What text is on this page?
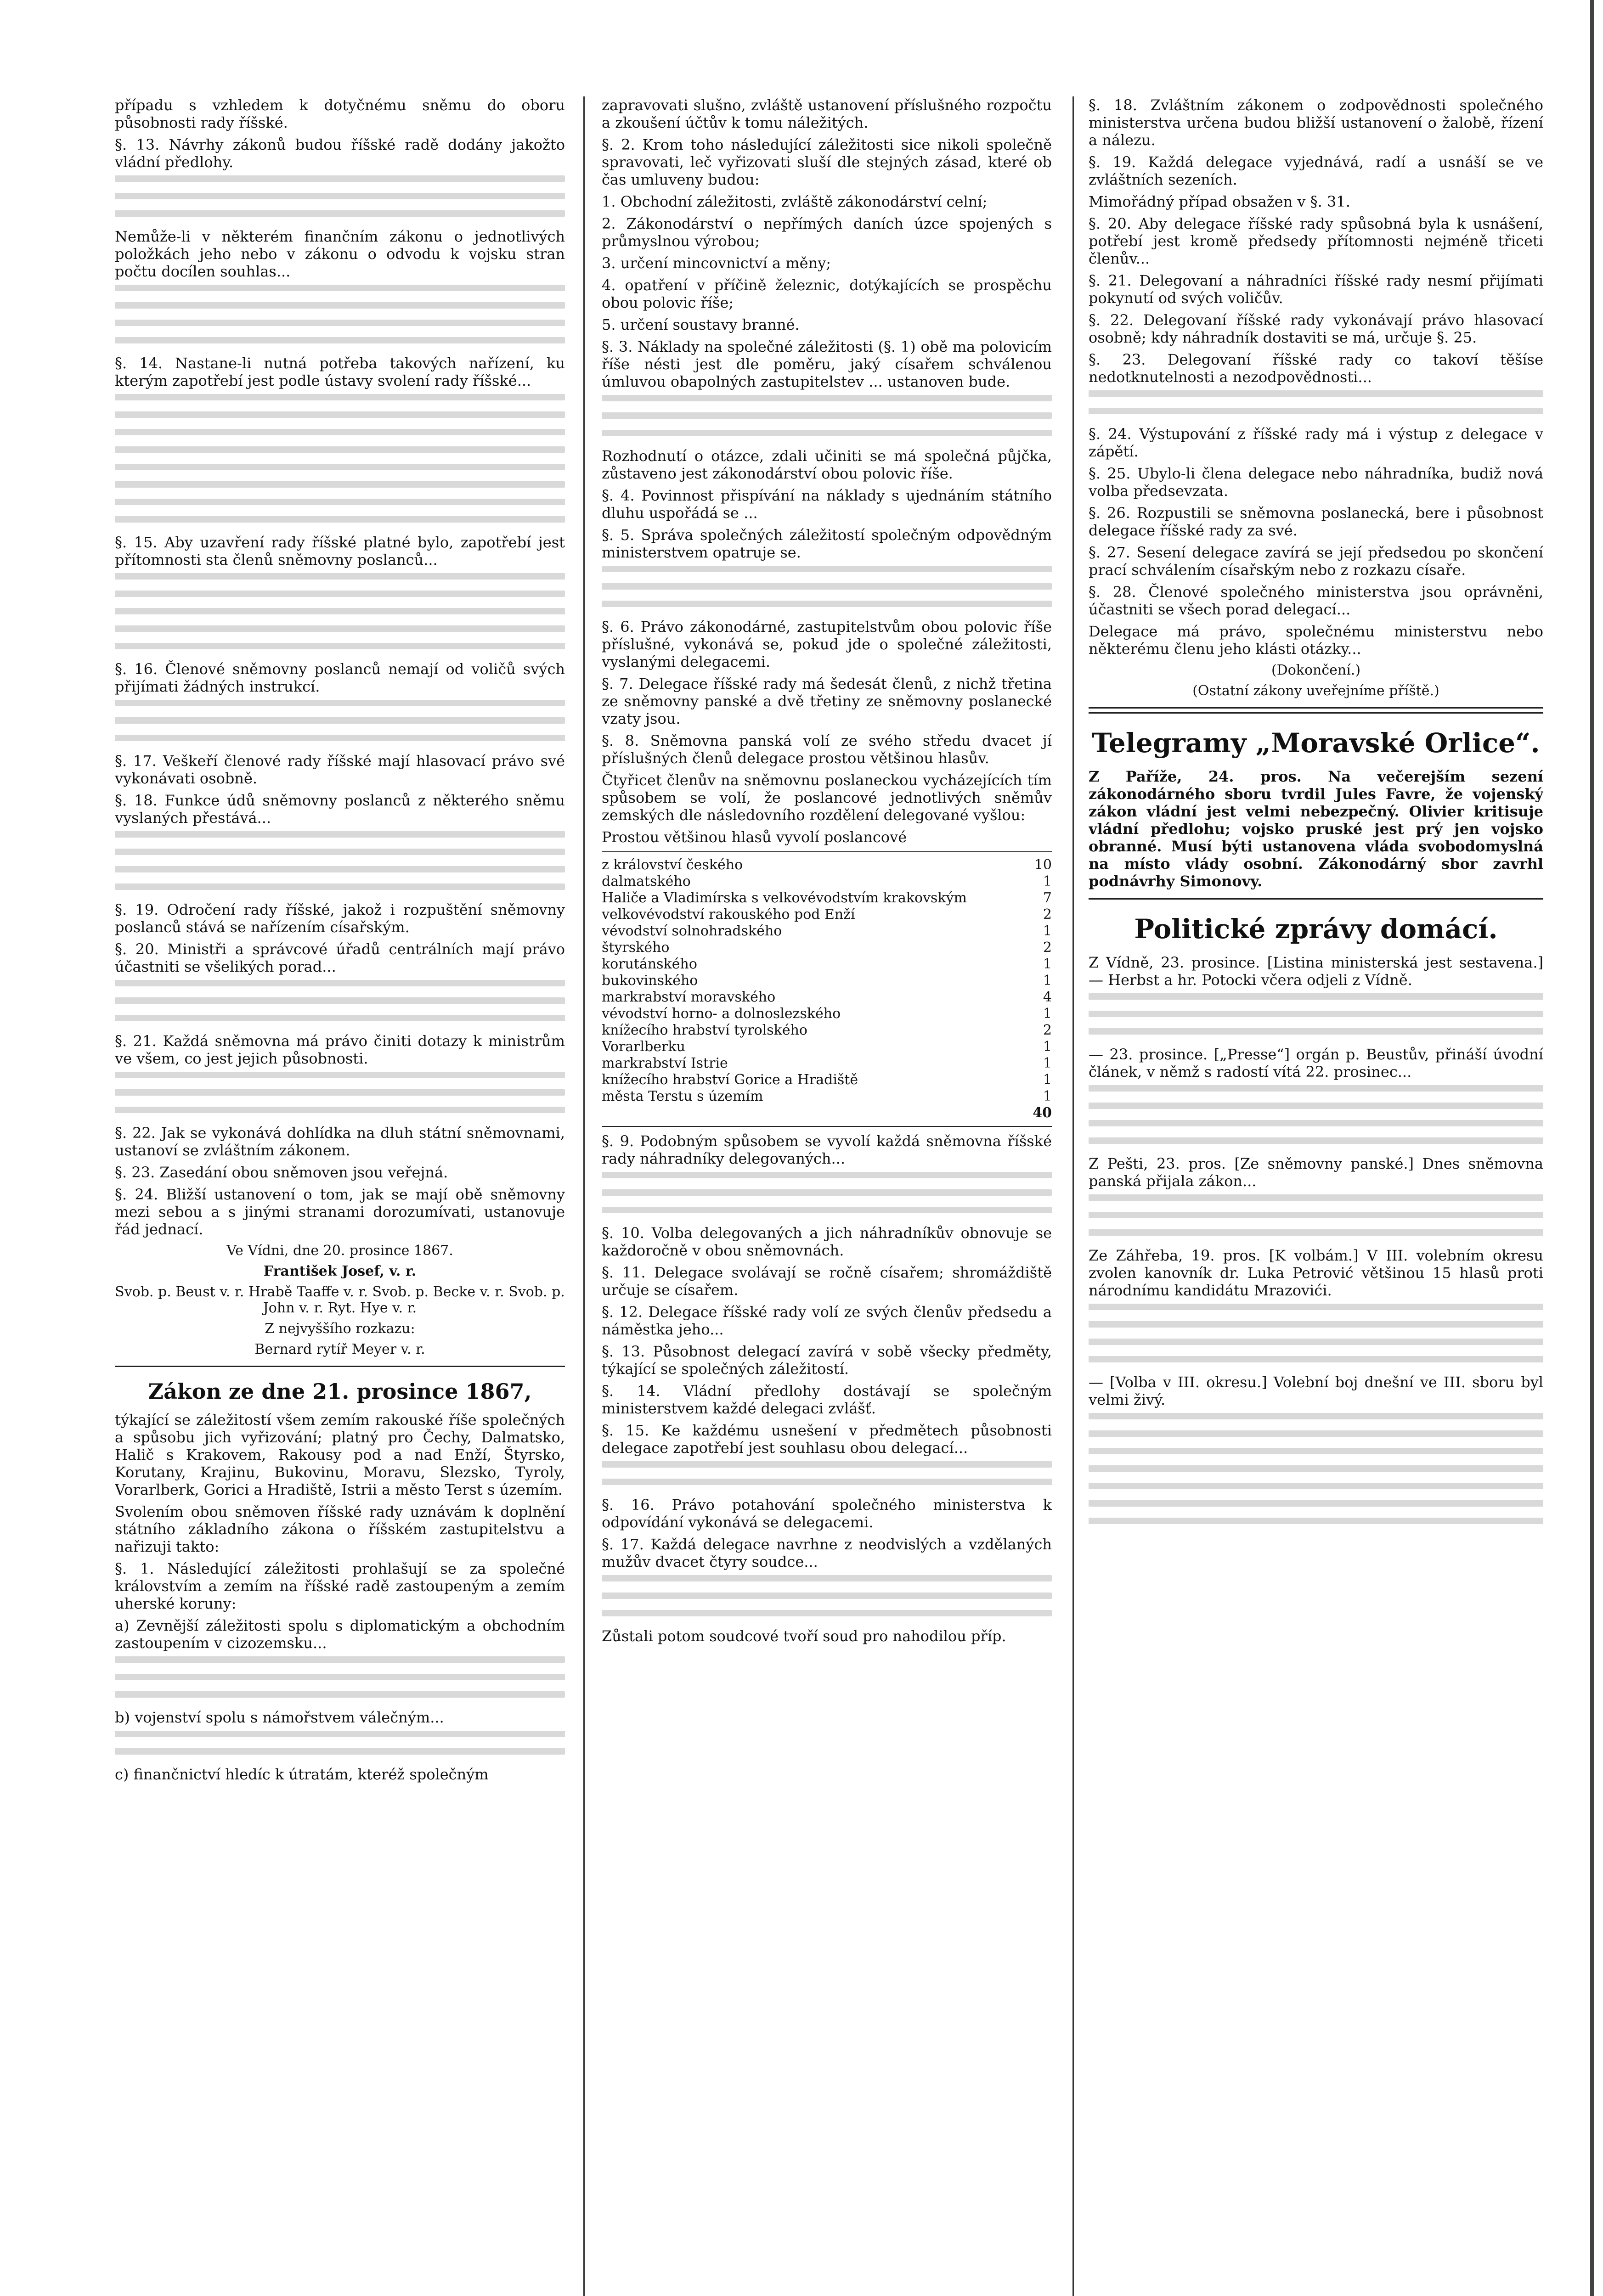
případu s vzhledem k dotyčnému sněmu do oboru působnosti rady říšské.

§. 13. Návrhy zákonů budou říšské radě dodány jakožto vládní předlohy.

Nemůže-li v některém finančním zákonu o jednotlivých položkách jeho nebo v zákonu o odvodu k vojsku stran počtu docílen souhlas...

§. 14. Nastane-li nutná potřeba takových nařízení, ku kterým zapotřebí jest podle ústavy svolení rady říšské...

§. 15. Aby uzavření rady říšské platné bylo, zapotřebí jest přítomnosti sta členů sněmovny poslanců...

§. 16. Členové sněmovny poslanců nemají od voličů svých přijímati žádných instrukcí.

§. 17. Veškeří členové rady říšské mají hlasovací právo své vykonávati osobně.

§. 18. Funkce údů sněmovny poslanců z některého sněmu vyslaných přestává...

§. 19. Odročení rady říšské, jakož i rozpuštění sněmovny poslanců stává se nařízením císařským.

§. 20. Ministři a správcové úřadů centrálních mají právo účastniti se všelikých porad...

§. 21. Každá sněmovna má právo činiti dotazy k ministrům ve všem, co jest jejich působnosti.

§. 22. Jak se vykonává dohlídka na dluh státní sněmovnami, ustanoví se zvláštním zákonem.

§. 23. Zasedání obou sněmoven jsou veřejná.

§. 24. Bližší ustanovení o tom, jak se mají obě sněmovny mezi sebou a s jinými stranami dorozumívati, ustanovuje řád jednací.

Ve Vídni, dne 20. prosince 1867.

František Josef, v. r.

Svob. p. Beust v. r. Hrabě Taaffe v. r. Svob. p. Becke v. r. Svob. p. John v. r. Ryt. Hye v. r.

Z nejvyššího rozkazu:

Bernard rytíř Meyer v. r.

Zákon ze dne 21. prosince 1867,

týkající se záležitostí všem zemím rakouské říše společných a spůsobu jich vyřizování; platný pro Čechy, Dalmatsko, Halič s Krakovem, Rakousy pod a nad Enží, Štyrsko, Korutany, Krajinu, Bukovinu, Moravu, Slezsko, Tyroly, Vorarlberk, Gorici a Hradiště, Istrii a město Terst s územím.

Svolením obou sněmoven říšské rady uznávám k doplnění státního základního zákona o říšském zastupitelstvu a nařizuji takto:

§. 1. Následující záležitosti prohlašují se za společné královstvím a zemím na říšské radě zastoupeným a zemím uherské koruny:

a) Zevnější záležitosti spolu s diplomatickým a obchodním zastoupením v cizozemsku...

b) vojenství spolu s námořstvem válečným...

c) finančnictví hledíc k útratám, kteréž společným

zapravovati slušno, zvláště ustanovení příslušného rozpočtu a zkoušení účtův k tomu náležitých.

§. 2. Krom toho následující záležitosti sice nikoli společně spravovati, leč vyřizovati sluší dle stejných zásad, které ob čas umluveny budou:

1. Obchodní záležitosti, zvláště zákonodárství celní;

2. Zákonodárství o nepřímých daních úzce spojených s průmyslnou výrobou;

3. určení mincovnictví a měny;

4. opatření v příčině železnic, dotýkajících se prospěchu obou polovic říše;

5. určení soustavy branné.

§. 3. Náklady na společné záležitosti (§. 1) obě ma polovicím říše nésti jest dle poměru, jaký císařem schválenou úmluvou obapolných zastupitelstev ... ustanoven bude.

Rozhodnutí o otázce, zdali učiniti se má společná půjčka, zůstaveno jest zákonodárství obou polovic říše.

§. 4. Povinnost přispívání na náklady s ujednáním státního dluhu uspořádá se ...

§. 5. Správa společných záležitostí společným odpovědným ministerstvem opatruje se.

§. 6. Právo zákonodárné, zastupitelstvům obou polovic říše příslušné, vykonává se, pokud jde o společné záležitosti, vyslanými delegacemi.

§. 7. Delegace říšské rady má šedesát členů, z nichž třetina ze sněmovny panské a dvě třetiny ze sněmovny poslanecké vzaty jsou.

§. 8. Sněmovna panská volí ze svého středu dvacet jí příslušných členů delegace prostou většinou hlasův.

Čtyřicet členův na sněmovnu poslaneckou vycházejících tím spůsobem se volí, že poslancové jednotlivých sněmův zemských dle následovního rozdělení delegované vyšlou:

Prostou většinou hlasů vyvolí poslancové

z království českého	10
dalmatského	1
Haliče a Vladimírska s velkovévodstvím krakovským	7
velkovévodství rakouského pod Enží	2
vévodství solnohradského	1
štyrského	2
korutánského	1
bukovinského	1
markrabství moravského	4
vévodství horno- a dolnoslezského	1
knížecího hrabství tyrolského	2
Vorarlberku	1
markrabství Istrie	1
knížecího hrabství Gorice a Hradiště	1
města Terstu s územím	1
40

§. 9. Podobným spůsobem se vyvolí každá sněmovna říšské rady náhradníky delegovaných...

§. 10. Volba delegovaných a jich náhradníkův obnovuje se každoročně v obou sněmovnách.

§. 11. Delegace svolávají se ročně císařem; shromáždiště určuje se císařem.

§. 12. Delegace říšské rady volí ze svých členův předsedu a náměstka jeho...

§. 13. Působnost delegací zavírá v sobě všecky předměty, týkající se společných záležitostí.

§. 14. Vládní předlohy dostávají se společným ministerstvem každé delegaci zvlášť.

§. 15. Ke každému usnešení v předmětech působnosti delegace zapotřebí jest souhlasu obou delegací...

§. 16. Právo potahování společného ministerstva k odpovídání vykonává se delegacemi.

§. 17. Každá delegace navrhne z neodvislých a vzdělaných mužův dvacet čtyry soudce...

Zůstali potom soudcové tvoří soud pro nahodilou příp.

§. 18. Zvláštním zákonem o zodpovědnosti společného ministerstva určena budou bližší ustanovení o žalobě, řízení a nálezu.

§. 19. Každá delegace vyjednává, radí a usnáší se ve zvláštních sezeních.

Mimořádný případ obsažen v §. 31.

§. 20. Aby delegace říšské rady spůsobná byla k usnášení, potřebí jest kromě předsedy přítomnosti nejméně třiceti členův...

§. 21. Delegovaní a náhradníci říšské rady nesmí přijímati pokynutí od svých voličův.

§. 22. Delegovaní říšské rady vykonávají právo hlasovací osobně; kdy náhradník dostaviti se má, určuje §. 25.

§. 23. Delegovaní říšské rady co takoví těšíse nedotknutelnosti a nezodpovědnosti...

§. 24. Výstupování z říšské rady má i výstup z delegace v zápětí.

§. 25. Ubylo-li člena delegace nebo náhradníka, budiž nová volba předsevzata.

§. 26. Rozpustili se sněmovna poslanecká, bere i působnost delegace říšské rady za své.

§. 27. Sesení delegace zavírá se její předsedou po skončení prací schválením císařským nebo z rozkazu císaře.

§. 28. Členové společného ministerstva jsou oprávněni, účastniti se všech porad delegací...

Delegace má právo, společnému ministerstvu nebo některému členu jeho klásti otázky...

(Dokončení.)

(Ostatní zákony uveřejníme příště.)

Telegramy „Moravské Orlice“.

Z Paříže, 24. pros. Na večerejším sezení zákonodárného sboru tvrdil Jules Favre, že vojenský zákon vládní jest velmi nebezpečný. Olivier kritisuje vládní předlohu; vojsko pruské jest prý jen vojsko obranné. Musí býti ustanovena vláda svobodomyslná na místo vlády osobní. Zákonodárný sbor zavrhl podnávrhy Simonovy.

Politické zprávy domácí.

Z Vídně, 23. prosince. [Listina ministerská jest sestavena.] — Herbst a hr. Potocki včera odjeli z Vídně.

— 23. prosince. [„Presse“] orgán p. Beustův, přináší úvodní článek, v němž s radostí vítá 22. prosinec...

Z Pešti, 23. pros. [Ze sněmovny panské.] Dnes sněmovna panská přijala zákon...

Ze Záhřeba, 19. pros. [K volbám.] V III. volebním okresu zvolen kanovník dr. Luka Petrović většinou 15 hlasů proti národnímu kandidátu Mrazovići.

— [Volba v III. okresu.] Volební boj dnešní ve III. sboru byl velmi živý.
